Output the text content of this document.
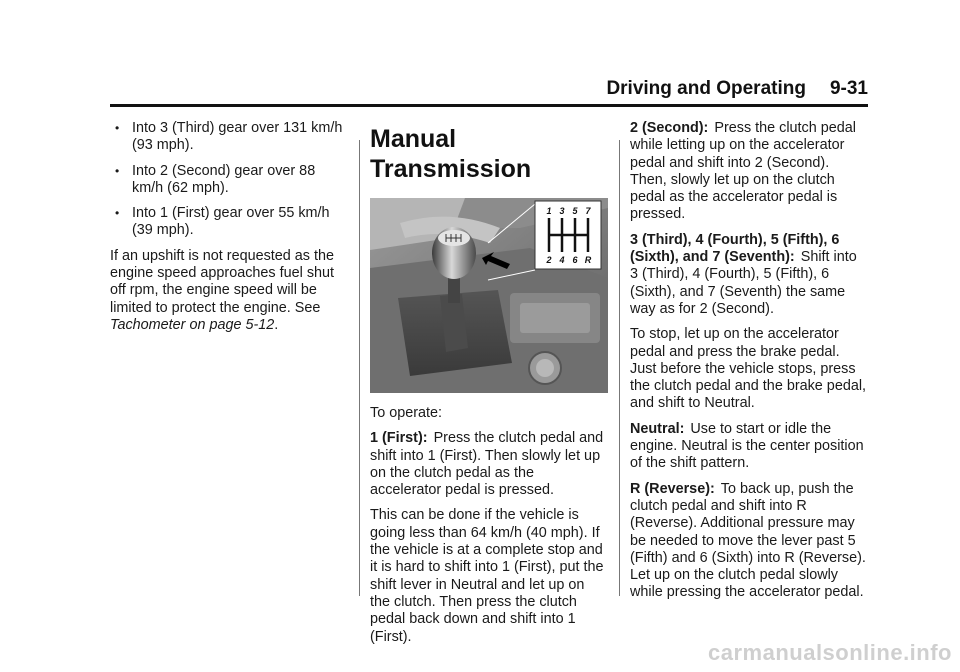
Driving and Operating 9-31
• Into 3 (Third) gear over 131 km/h (93 mph).
• Into 2 (Second) gear over 88 km/h (62 mph).
• Into 1 (First) gear over 55 km/h (39 mph).

If an upshift is not requested as the engine speed approaches fuel shut off rpm, the engine speed will be limited to protect the engine. See Tachometer on page 5-12.

Manual Transmission
1 3 5 7
2 4 6 R

To operate:

1 (First): Press the clutch pedal and shift into 1 (First). Then slowly let up on the clutch pedal as the accelerator pedal is pressed.

This can be done if the vehicle is going less than 64 km/h (40 mph). If the vehicle is at a complete stop and it is hard to shift into 1 (First), put the shift lever in Neutral and let up on the clutch. Then press the clutch pedal back down and shift into 1 (First).

2 (Second): Press the clutch pedal while letting up on the accelerator pedal and shift into 2 (Second). Then, slowly let up on the clutch pedal as the accelerator pedal is pressed.

3 (Third), 4 (Fourth), 5 (Fifth), 6 (Sixth), and 7 (Seventh): Shift into 3 (Third), 4 (Fourth), 5 (Fifth), 6 (Sixth), and 7 (Seventh) the same way as for 2 (Second).

To stop, let up on the accelerator pedal and press the brake pedal. Just before the vehicle stops, press the clutch pedal and the brake pedal, and shift to Neutral.

Neutral: Use to start or idle the engine. Neutral is the center position of the shift pattern.

R (Reverse): To back up, push the clutch pedal and shift into R (Reverse). Additional pressure may be needed to move the lever past 5 (Fifth) and 6 (Sixth) into R (Reverse). Let up on the clutch pedal slowly while pressing the accelerator pedal.

carmanualsonline.info
